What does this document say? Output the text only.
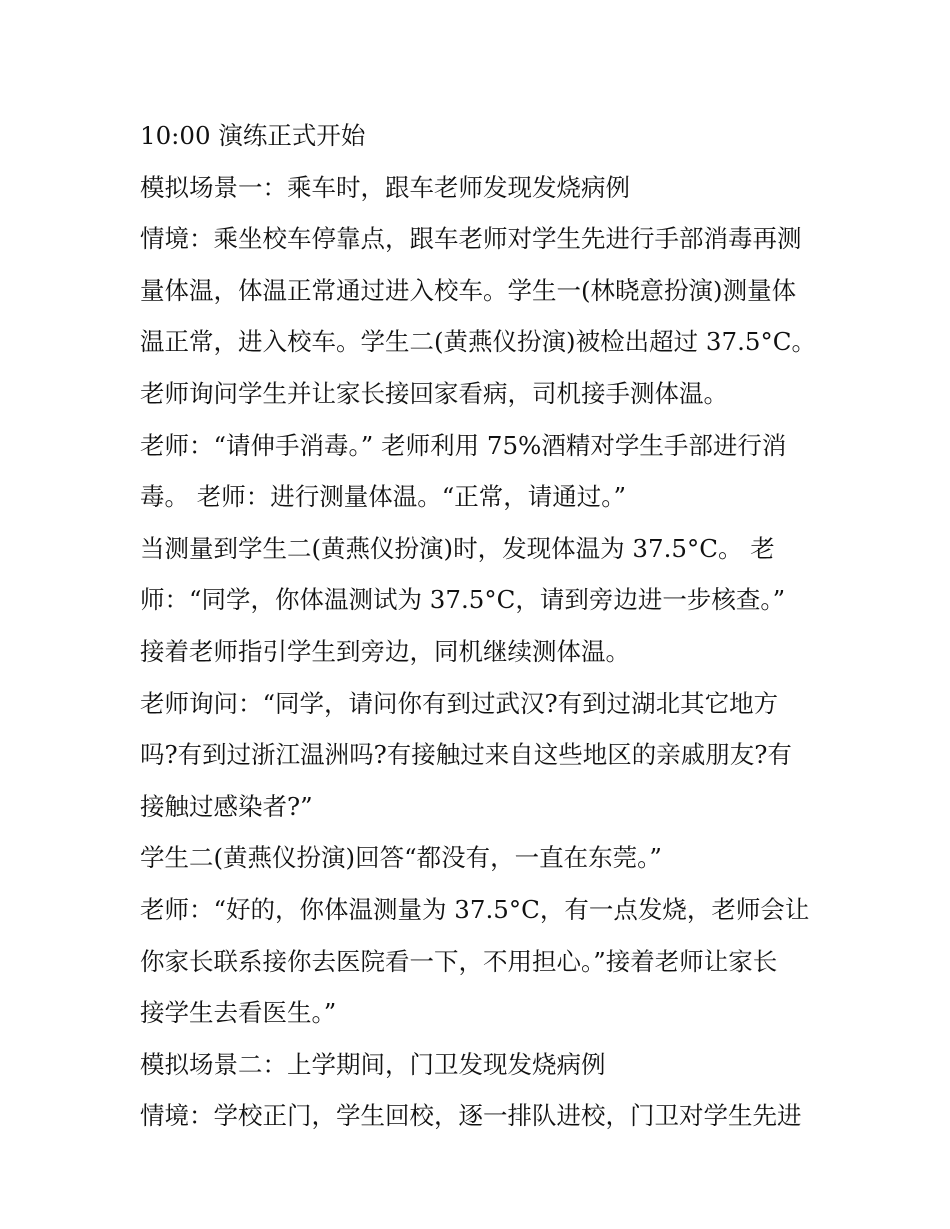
10:00 演练正式开始
模拟场景一：乘车时，跟车老师发现发烧病例
情境：乘坐校车停靠点，跟车老师对学生先进行手部消毒再测
量体温，体温正常通过进入校车。学生一(林晓意扮演)测量体
温正常，进入校车。学生二(黄燕仪扮演)被检出超过 37.5°C。
老师询问学生并让家长接回家看病，司机接手测体温。
老师：“请伸手消毒。” 老师利用 75%酒精对学生手部进行消
毒。 老师：进行测量体温。“正常，请通过。”
当测量到学生二(黄燕仪扮演)时，发现体温为 37.5°C。 老
师：“同学，你体温测试为 37.5°C，请到旁边进一步核查。”
接着老师指引学生到旁边，同机继续测体温。
老师询问：“同学，请问你有到过武汉?有到过湖北其它地方
吗?有到过浙江温洲吗?有接触过来自这些地区的亲戚朋友?有
接触过感染者?”
学生二(黄燕仪扮演)回答“都没有，一直在东莞。”
老师：“好的，你体温测量为 37.5°C，有一点发烧，老师会让
你家长联系接你去医院看一下，不用担心。”接着老师让家长
接学生去看医生。”
模拟场景二：上学期间，门卫发现发烧病例
情境：学校正门，学生回校，逐一排队进校，门卫对学生先进
